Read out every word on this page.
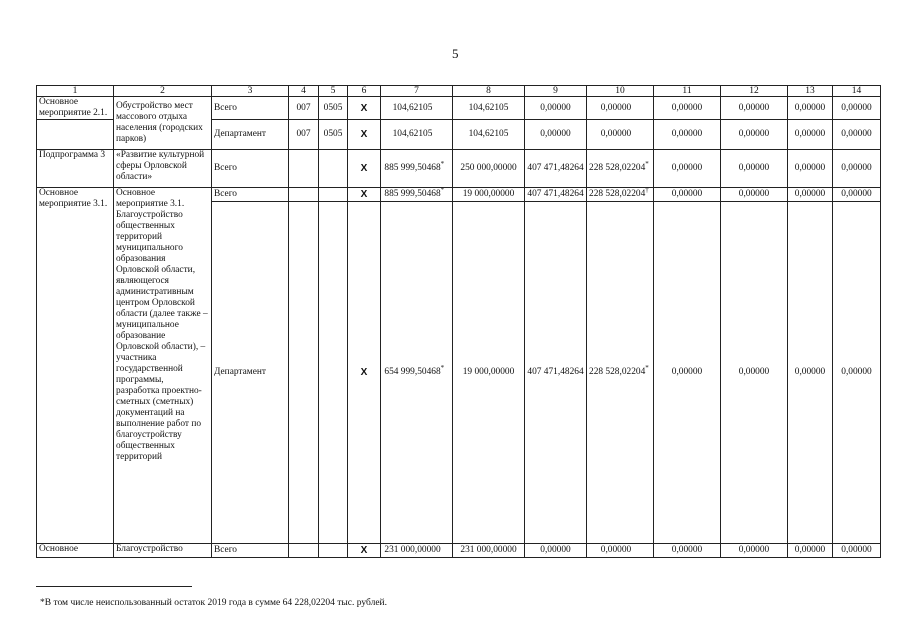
5
1	2	3	4	5	6	7	8	9	10	11	12	13	14
Основное мероприятие 2.1.	Обустройство мест массового отдыха населения (городских парков)	Всего	007	0505	X	104,62105	104,62105	0,00000	0,00000	0,00000	0,00000	0,00000	0,00000
		Департамент	007	0505	X	104,62105	104,62105	0,00000	0,00000	0,00000	0,00000	0,00000	0,00000
Подпрограмма 3	«Развитие культурной сферы Орловской области»	Всего			X	885 999,50468*	250 000,00000	407 471,48264	228 528,02204*	0,00000	0,00000	0,00000	0,00000
Основное мероприятие 3.1.	Основное мероприятие 3.1. Благоустройство общественных территорий муниципального образования Орловской области, являющегося административным центром Орловской области (далее также – муниципальное образование Орловской области), – участника государственной программы, разработка проектно-сметных (сметных) документаций на выполнение работ по благоустройству общественных территорий	Всего			X	885 999,50468*	19 000,00000	407 471,48264	228 528,02204†	0,00000	0,00000	0,00000	0,00000
		Департамент			X	654 999,50468*	19 000,00000	407 471,48264	228 528,02204*	0,00000	0,00000	0,00000	0,00000
Основное	Благоустройство	Всего			X	231 000,00000	231 000,00000	0,00000	0,00000	0,00000	0,00000	0,00000	0,00000
*В том числе неиспользованный остаток 2019 года в сумме 64 228,02204 тыс. рублей.
